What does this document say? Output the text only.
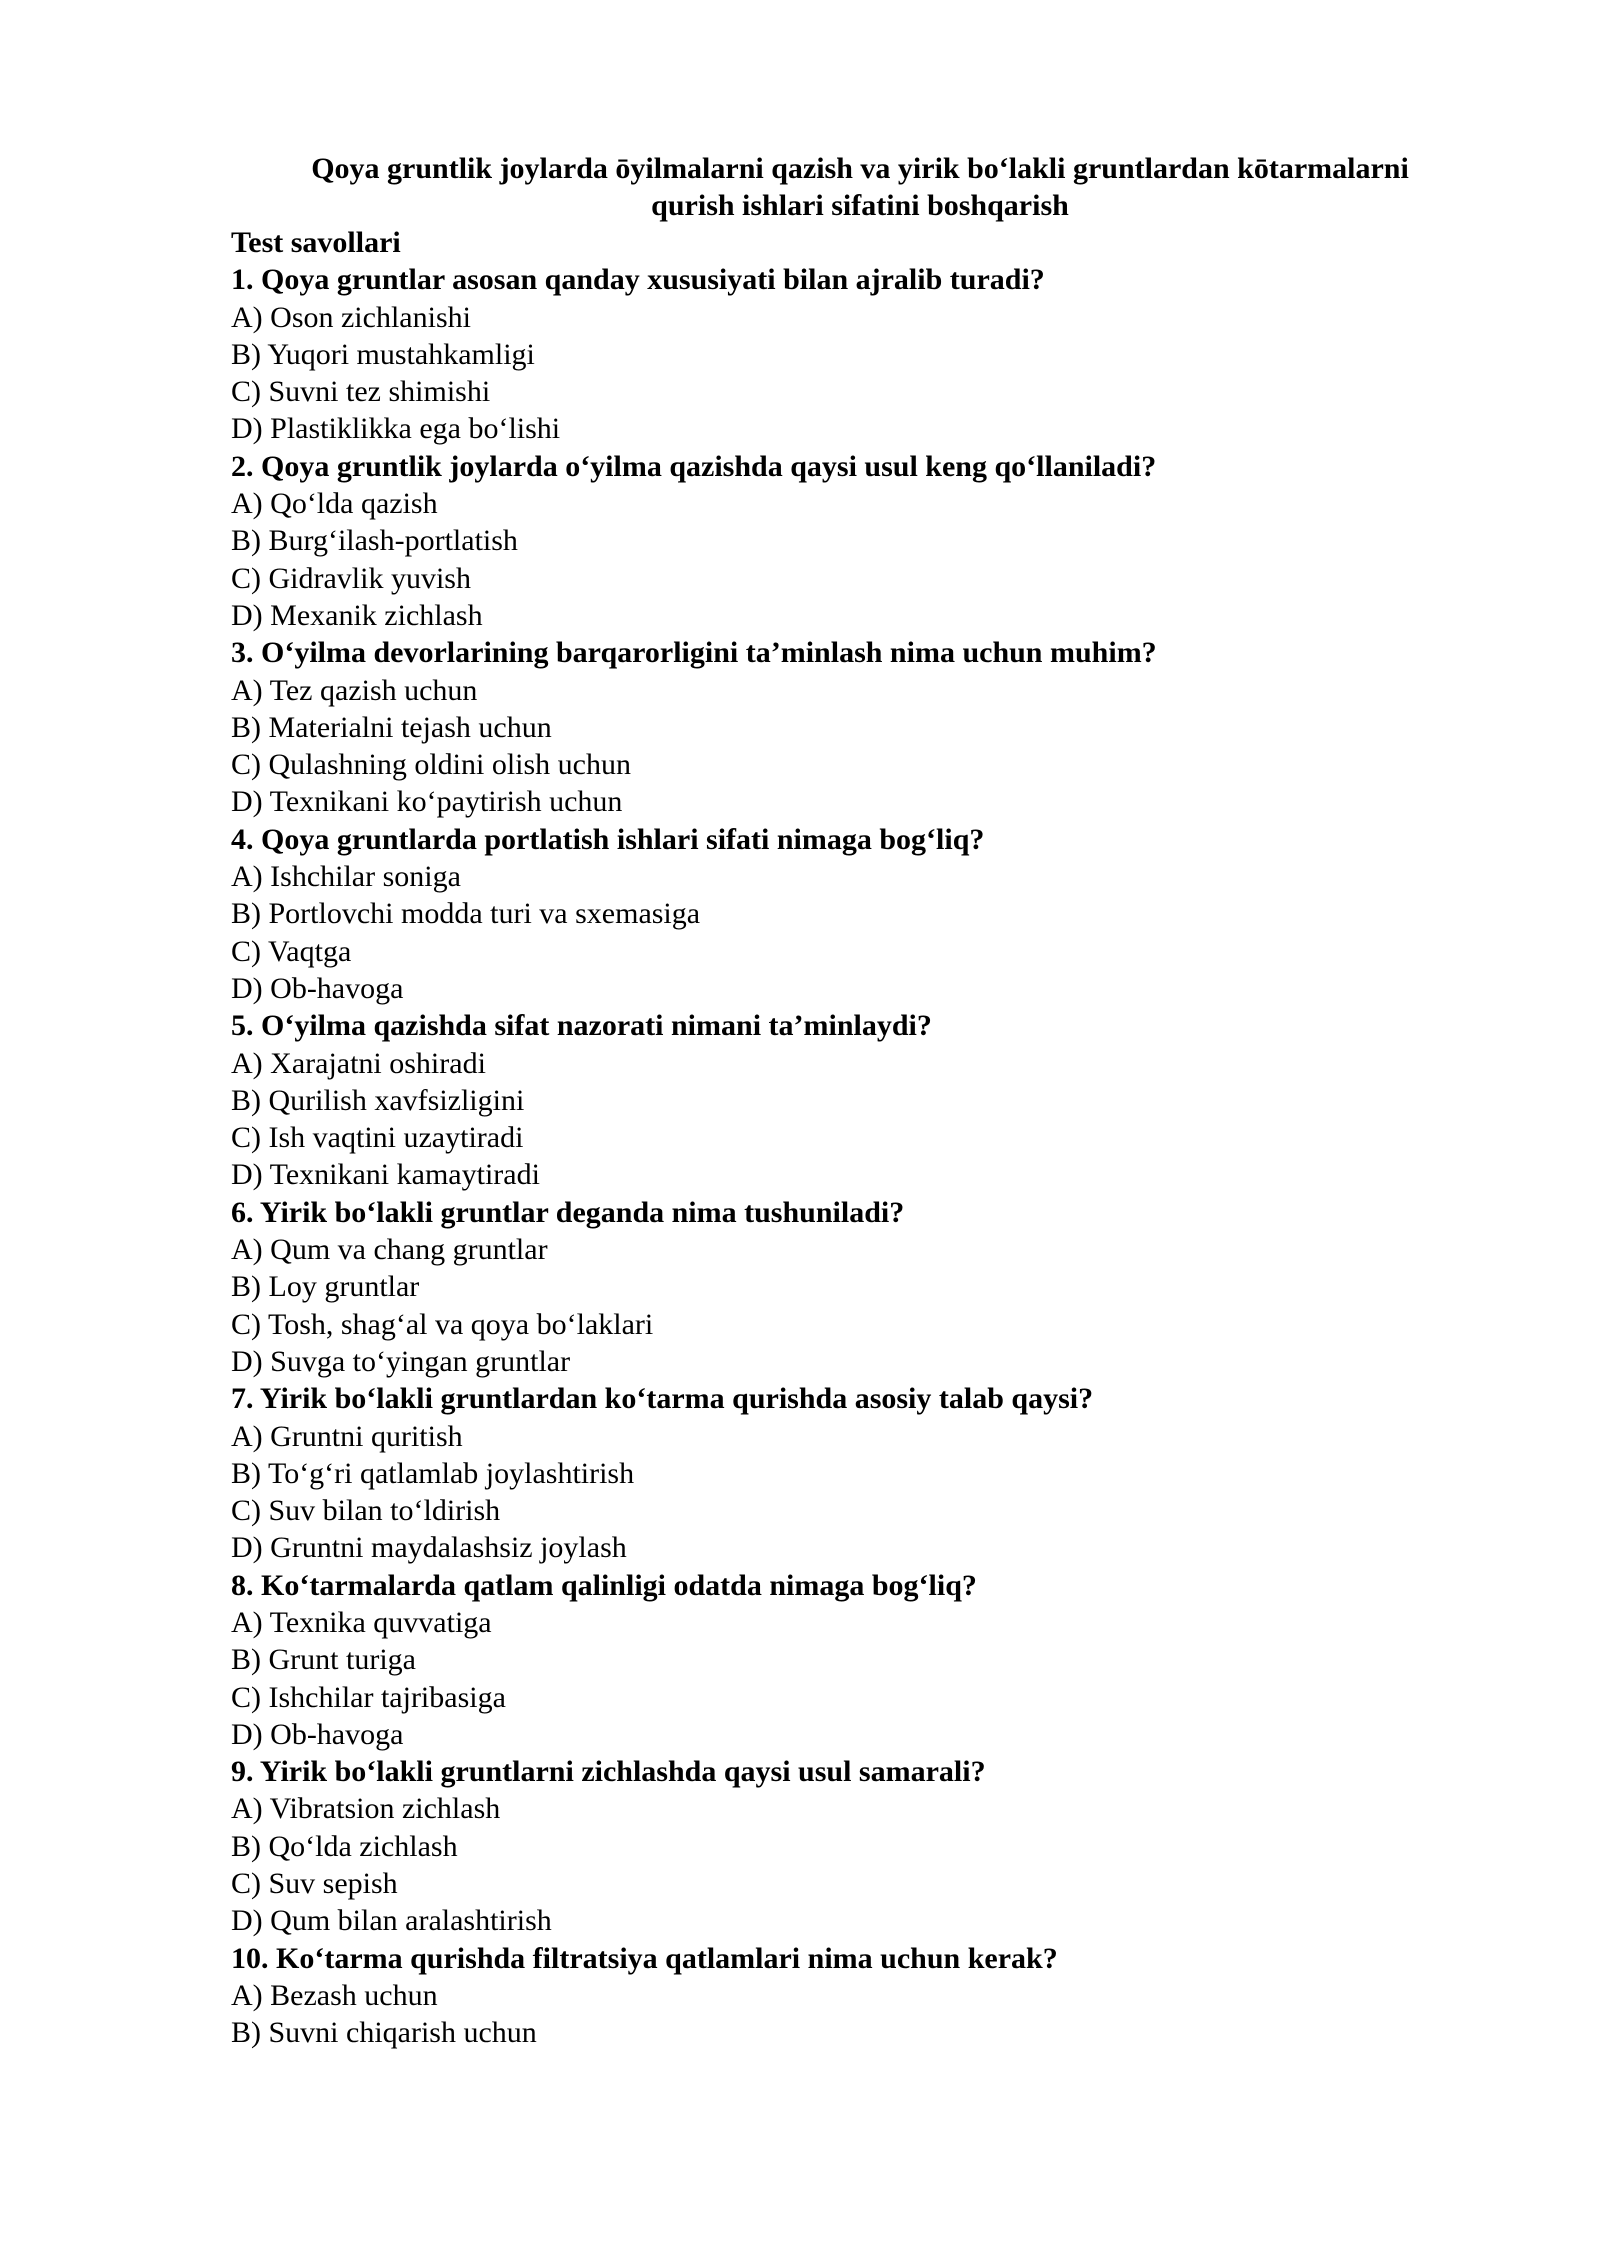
Qoya gruntlik joylarda ōyilmalarni qazish va yirik bo‘lakli gruntlardan kōtarmalarni
qurish ishlari sifatini boshqarish
Test savollari
1. Qoya gruntlar asosan qanday xususiyati bilan ajralib turadi?
A) Oson zichlanishi
B) Yuqori mustahkamligi
C) Suvni tez shimishi
D) Plastiklikka ega bo‘lishi
2. Qoya gruntlik joylarda o‘yilma qazishda qaysi usul keng qo‘llaniladi?
A) Qo‘lda qazish
B) Burg‘ilash-portlatish
C) Gidravlik yuvish
D) Mexanik zichlash
3. O‘yilma devorlarining barqarorligini ta’minlash nima uchun muhim?
A) Tez qazish uchun
B) Materialni tejash uchun
C) Qulashning oldini olish uchun
D) Texnikani ko‘paytirish uchun
4. Qoya gruntlarda portlatish ishlari sifati nimaga bog‘liq?
A) Ishchilar soniga
B) Portlovchi modda turi va sxemasiga
C) Vaqtga
D) Ob-havoga
5. O‘yilma qazishda sifat nazorati nimani ta’minlaydi?
A) Xarajatni oshiradi
B) Qurilish xavfsizligini
C) Ish vaqtini uzaytiradi
D) Texnikani kamaytiradi
6. Yirik bo‘lakli gruntlar deganda nima tushuniladi?
A) Qum va chang gruntlar
B) Loy gruntlar
C) Tosh, shag‘al va qoya bo‘laklari
D) Suvga to‘yingan gruntlar
7. Yirik bo‘lakli gruntlardan ko‘tarma qurishda asosiy talab qaysi?
A) Gruntni quritish
B) To‘g‘ri qatlamlab joylashtirish
C) Suv bilan to‘ldirish
D) Gruntni maydalashsiz joylash
8. Ko‘tarmalarda qatlam qalinligi odatda nimaga bog‘liq?
A) Texnika quvvatiga
B) Grunt turiga
C) Ishchilar tajribasiga
D) Ob-havoga
9. Yirik bo‘lakli gruntlarni zichlashda qaysi usul samarali?
A) Vibratsion zichlash
B) Qo‘lda zichlash
C) Suv sepish
D) Qum bilan aralashtirish
10. Ko‘tarma qurishda filtratsiya qatlamlari nima uchun kerak?
A) Bezash uchun
B) Suvni chiqarish uchun
